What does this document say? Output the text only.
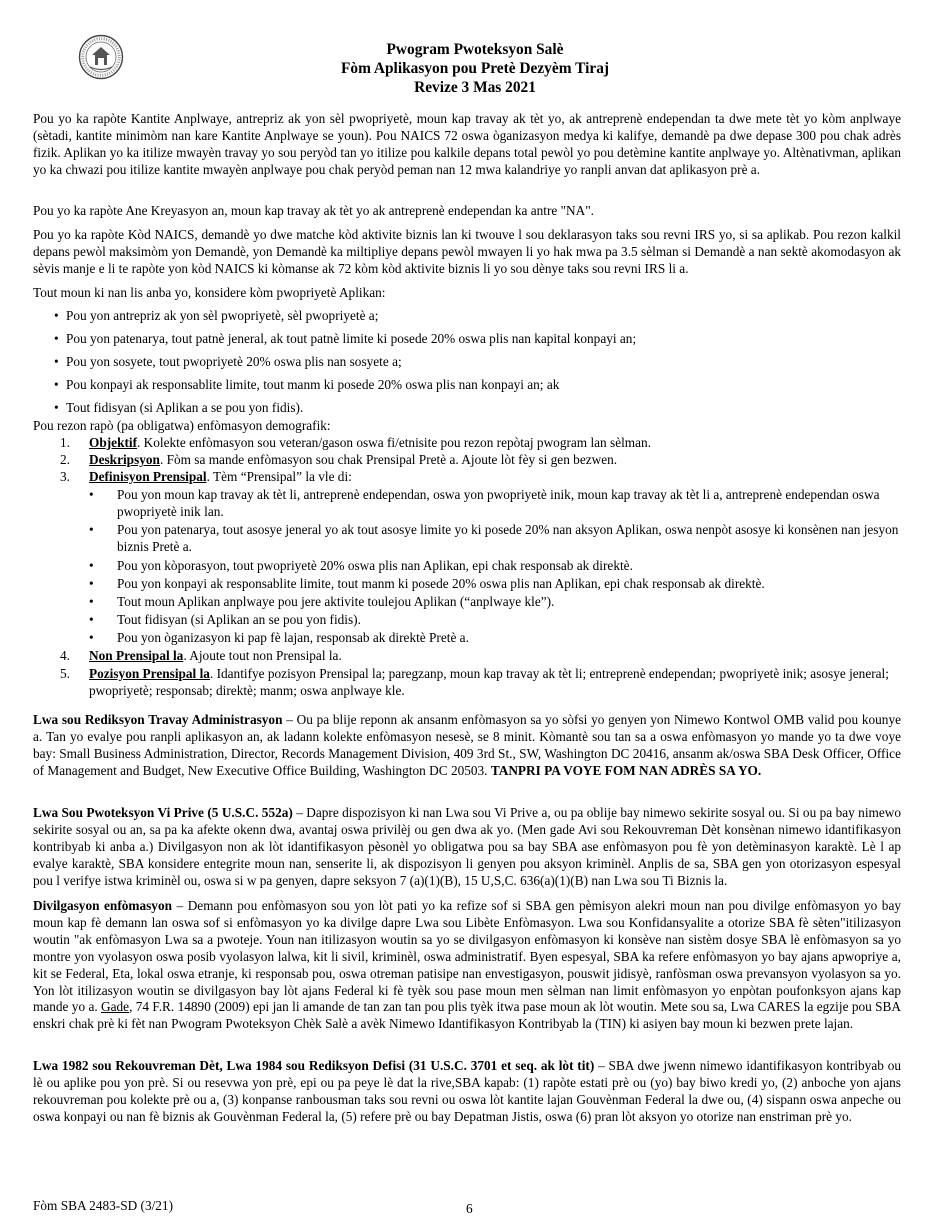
Pwogram Pwoteksyon Salè
Fòm Aplikasyon pou Pretè Dezyèm Tiraj
Revize 3 Mas 2021
Pou yo ka rapòte Kantite Anplwaye, antrepriz ak yon sèl pwopriyetè, moun kap travay ak tèt yo, ak antreprenè endependan ta dwe mete tèt yo kòm anplwaye (sètadi, kantite minimòm nan kare Kantite Anplwaye se youn). Pou NAICS 72 oswa òganizasyon medya ki kalifye, demandè pa dwe depase 300 pou chak adrès fizik. Aplikan yo ka itilize mwayèn travay yo sou peryòd tan yo itilize pou kalkile depans total pewòl yo pou detèmine kantite anplwaye yo. Altènativman, aplikan yo ka chwazi pou itilize kantite mwayèn anplwaye pou chak peryòd peman nan 12 mwa kalandriye yo ranpli anvan dat aplikasyon prè a.
Pou yo ka rapòte Ane Kreyasyon an, moun kap travay ak tèt yo ak antreprenè endependan ka antre "NA".
Pou yo ka rapòte Kòd NAICS, demandè yo dwe matche kòd aktivite biznis lan ki twouve l sou deklarasyon taks sou revni IRS yo, si sa aplikab. Pou rezon kalkil depans pewòl maksimòm yon Demandè, yon Demandè ka miltipliye depans pewòl mwayen li yo hak mwa pa 3.5 sèlman si Demandè a nan sektè akomodasyon ak sèvis manje e li te rapòte yon kòd NAICS ki kòmanse ak 72 kòm kòd aktivite biznis li yo sou dènye taks sou revni IRS li a.
Tout moun ki nan lis anba yo, konsidere kòm pwopriyetè Aplikan:
• Pou yon antrepriz ak yon sèl pwopriyetè, sèl pwopriyetè a;
• Pou yon patenarya, tout patnè jeneral, ak tout patnè limite ki posede 20% oswa plis nan kapital konpayi an;
• Pou yon sosyete, tout pwopriyetè 20% oswa plis nan sosyete a;
• Pou konpayi ak responsablite limite, tout manm ki posede 20% oswa plis nan konpayi an; ak
• Tout fidisyan (si Aplikan a se pou yon fidis).
Pou rezon rapò (pa obligatwa) enfòmasyon demografik:
1.	Objektif. Kolekte enfòmasyon sou veteran/gason oswa fi/etnisite pou rezon repòtaj pwogram lan sèlman.
2.	Deskripsyon. Fòm sa mande enfòmasyon sou chak Prensipal Pretè a. Ajoute lòt fèy si gen bezwen.
3.	Definisyon Prensipal. Tèm “Prensipal” la vle di:
• Pou yon moun kap travay ak tèt li, antreprenè endependan, oswa yon pwopriyetè inik, moun kap travay ak tèt li a, antreprenè endependan oswa pwopriyetè inik lan.
• Pou yon patenarya, tout asosye jeneral yo ak tout asosye limite yo ki posede 20% nan aksyon Aplikan, oswa nenpòt asosye ki konsènen nan jesyon biznis Pretè a.
• Pou yon kòporasyon, tout pwopriyetè 20% oswa plis nan Aplikan, epi chak responsab ak direktè.
• Pou yon konpayi ak responsablite limite, tout manm ki posede 20% oswa plis nan Aplikan, epi chak responsab ak direktè.
• Tout moun Aplikan anplwaye pou jere aktivite toulejou Aplikan (“anplwaye kle”).
• Tout fidisyan (si Aplikan an se pou yon fidis).
• Pou yon òganizasyon ki pap fè lajan, responsab ak direktè Pretè a.
4.	Non Prensipal la. Ajoute tout non Prensipal la.
5.	Pozisyon Prensipal la. Idantifye pozisyon Prensipal la; paregzanp, moun kap travay ak tèt li; entreprenè endependan; pwopriyetè inik; asosye jeneral; pwopriyetè; responsab; direktè; manm; oswa anplwaye kle.
Lwa sou Rediksyon Travay Administrasyon – Ou pa blije reponn ak ansanm enfòmasyon sa yo sòfsi yo genyen yon Nimewo Kontwol OMB valid pou kounye a. Tan yo evalye pou ranpli aplikasyon an, ak ladann kolekte enfòmasyon nesesè, se 8 minit. Kòmantè sou tan sa a oswa enfòmasyon yo mande yo ta dwe voye bay: Small Business Administration, Director, Records Management Division, 409 3rd St., SW, Washington DC 20416, ansanm ak/oswa SBA Desk Officer, Office of Management and Budget, New Executive Office Building, Washington DC 20503. TANPRI PA VOYE FOM NAN ADRÈS SA YO.
Lwa Sou Pwoteksyon Vi Prive (5 U.S.C. 552a) – Dapre dispozisyon ki nan Lwa sou Vi Prive a, ou pa oblije bay nimewo sekirite sosyal ou. Si ou pa bay nimewo sekirite sosyal ou an, sa pa ka afekte okenn dwa, avantaj oswa privilèj ou gen dwa ak yo. (Men gade Avi sou Rekouvreman Dèt konsènan nimewo idantifikasyon kontribyab ki anba a.) Divilgasyon non ak lòt idantifikasyon pèsonèl yo obligatwa pou sa bay SBA ase enfòmasyon pou fè yon detèminasyon karaktè. Lè l ap evalye karaktè, SBA konsidere entegrite moun nan, senserite li, ak dispozisyon li genyen pou aksyon kriminèl. Anplis de sa, SBA gen yon otorizasyon espesyal pou l verifye istwa kriminèl ou, oswa si w pa genyen, dapre seksyon 7 (a)(1)(B), 15 U,S,C. 636(a)(1)(B) nan Lwa sou Ti Biznis la.
Divilgasyon enfòmasyon – Demann pou enfòmasyon sou yon lòt pati yo ka refize sof si SBA gen pèmisyon alekri moun nan pou divilge enfòmasyon yo bay moun kap fè demann lan oswa sof si enfòmasyon yo ka divilge dapre Lwa sou Libète Enfòmasyon. Lwa sou Konfidansyalite a otorize SBA fè sèten"itilizasyon woutin "ak enfòmasyon Lwa sa a pwoteje. Youn nan itilizasyon woutin sa yo se divilgasyon enfòmasyon ki konsève nan sistèm dosye SBA lè enfòmasyon sa yo montre yon vyolasyon oswa posib vyolasyon lalwa, kit li sivil, kriminèl, oswa administratif. Byen espesyal, SBA ka refere enfòmasyon yo bay ajans apwopriye a, kit se Federal, Eta, lokal oswa etranje, ki responsab pou, oswa otreman patisipe nan envestigasyon, pouswit jidisyè, ranfòsman oswa prevansyon vyolasyon sa yo. Yon lòt itilizasyon woutin se divilgasyon bay lòt ajans Federal ki fè tyèk sou pase moun men sèlman nan limit enfòmasyon yo enpòtan poufonksyon ajans kap mande yo a. Gade, 74 F.R. 14890 (2009) epi jan li amande de tan zan tan pou plis tyèk itwa pase moun ak lòt woutin. Mete sou sa, Lwa CARES la egzije pou SBA enskri chak prè ki fèt nan Pwogram Pwoteksyon Chèk Salè a avèk Nimewo Idantifikasyon Kontribyab la (TIN) ki asiyen bay moun ki bezwen prete lajan.
Lwa 1982 sou Rekouvreman Dèt, Lwa 1984 sou Rediksyon Defisi (31 U.S.C. 3701 et seq. ak lòt tit) – SBA dwe jwenn nimewo idantifikasyon kontribyab ou lè ou aplike pou yon prè. Si ou resevwa yon prè, epi ou pa peye lè dat la rive,SBA kapab: (1) rapòte estati prè ou (yo) bay biwo kredi yo, (2) anboche yon ajans rekouvreman pou kolekte prè ou a, (3) konpanse ranbousman taks sou revni ou oswa lòt kantite lajan Gouvènman Federal la dwe ou, (4) sispann oswa anpeche ou oswa konpayi ou nan fè biznis ak Gouvènman Federal la, (5) refere prè ou bay Depatman Jistis, oswa (6) pran lòt aksyon yo otorize nan enstriman prè yo.
Fòm SBA 2483-SD (3/21)	6
